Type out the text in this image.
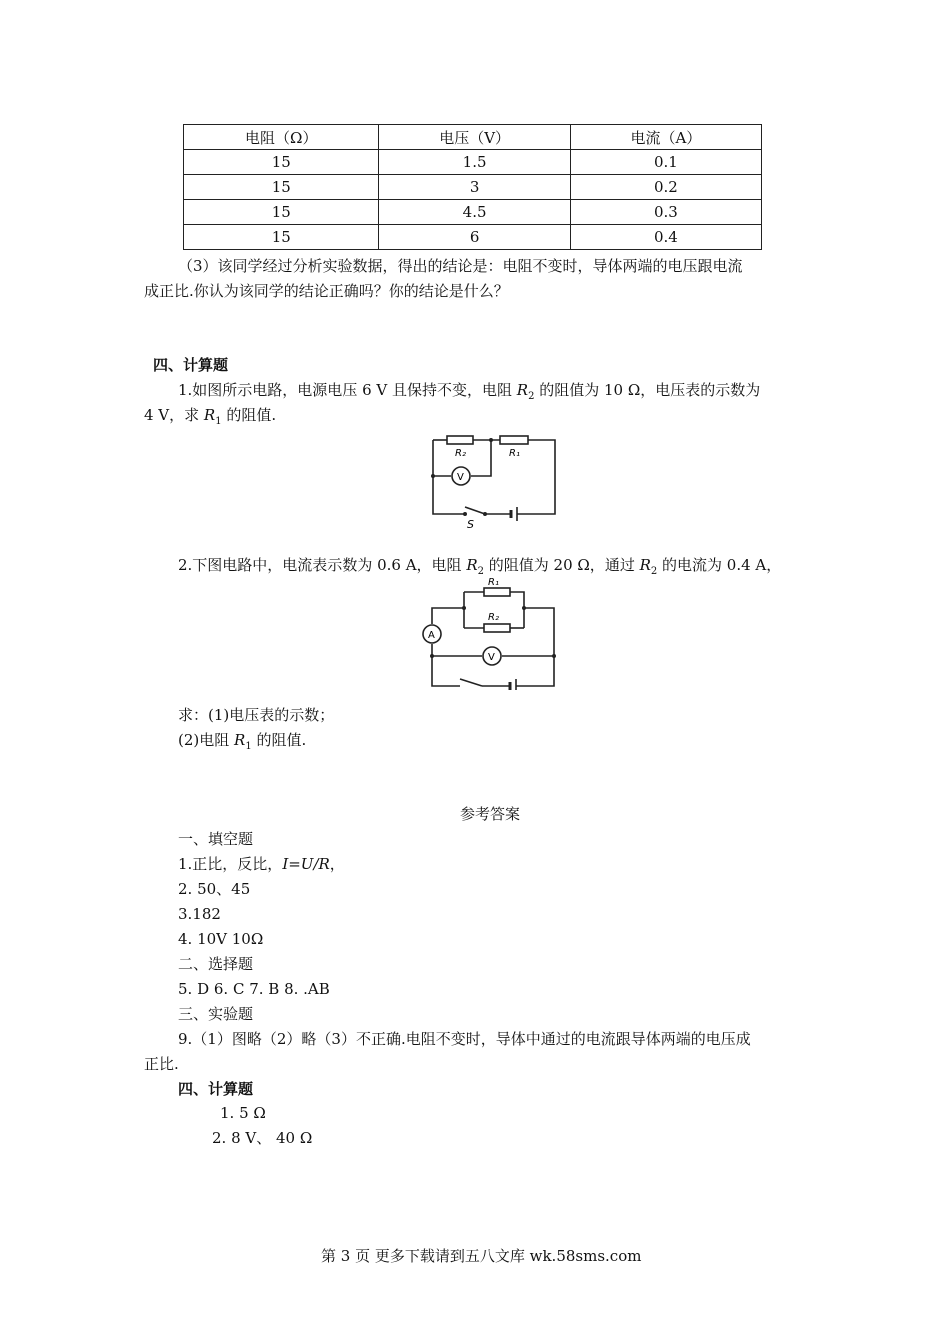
电阻（Ω）	电压（V）	电流（A）
15	1.5	0.1
15	3	0.2
15	4.5	0.3
15	6	0.4
（3）该同学经过分析实验数据，得出的结论是：电阻不变时，导体两端的电压跟电流
成正比.你认为该同学的结论正确吗？你的结论是什么？
四、计算题
1.如图所示电路，电源电压 6 V 且保持不变，电阻 $R_2$ 的阻值为 10 Ω，电压表的示数为
4 V，求 $R_1$ 的阻值.
R₂	R₁
V
S
2.下图电路中，电流表示数为 0.6 A，电阻 $R_2$ 的阻值为 20 Ω，通过 $R_2$ 的电流为 0.4 A，
R₁
R₂
A
V
求：(1)电压表的示数；
(2)电阻 $R_1$ 的阻值.
参考答案
一、填空题
1.正比，反比，I=U/R，
2. 50、45
3.182
4. 10V 10Ω
二、选择题
5. D 6. C 7. B 8. .AB
三、实验题
9.（1）图略（2）略（3）不正确.电阻不变时，导体中通过的电流跟导体两端的电压成
正比.
四、计算题
1. 5 Ω
2. 8 V、 40 Ω
第 3 页 更多下载请到五八文库 wk.58sms.com
